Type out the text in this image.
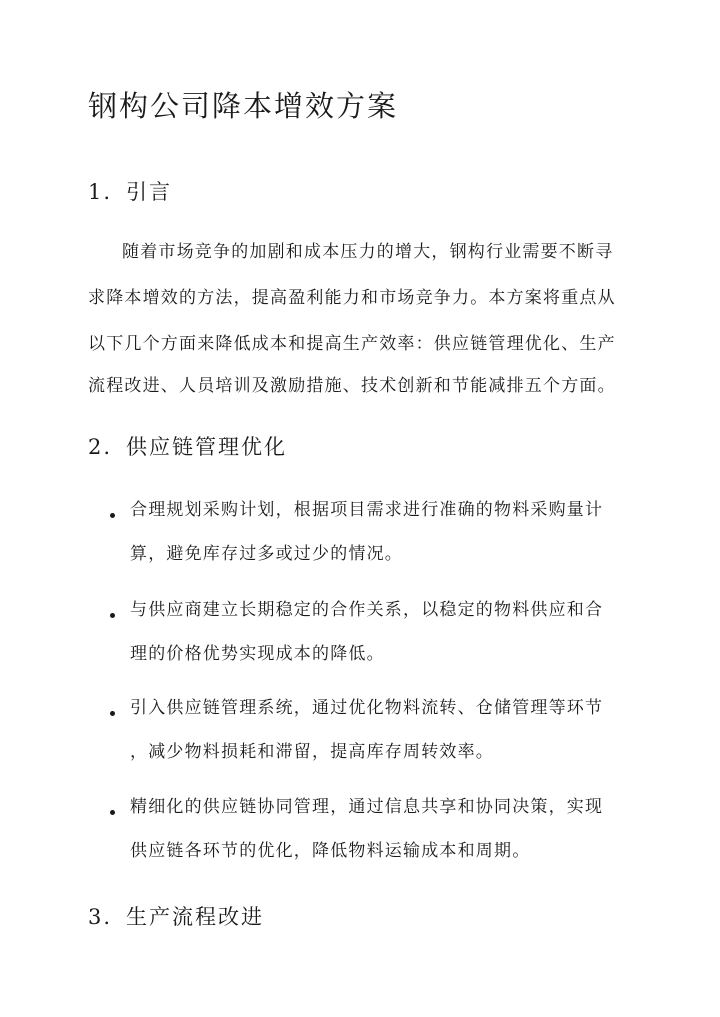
钢构公司降本增效方案
1. 引言
随着市场竞争的加剧和成本压力的增大，钢构行业需要不断寻
求降本增效的方法，提高盈利能力和市场竞争力。本方案将重点从
以下几个方面来降低成本和提高生产效率：供应链管理优化、生产
流程改进、人员培训及激励措施、技术创新和节能减排五个方面。
2. 供应链管理优化
合理规划采购计划，根据项目需求进行准确的物料采购量计
算，避免库存过多或过少的情况。
与供应商建立长期稳定的合作关系，以稳定的物料供应和合
理的价格优势实现成本的降低。
引入供应链管理系统，通过优化物料流转、仓储管理等环节
，减少物料损耗和滞留，提高库存周转效率。
精细化的供应链协同管理，通过信息共享和协同决策，实现
供应链各环节的优化，降低物料运输成本和周期。
3. 生产流程改进
